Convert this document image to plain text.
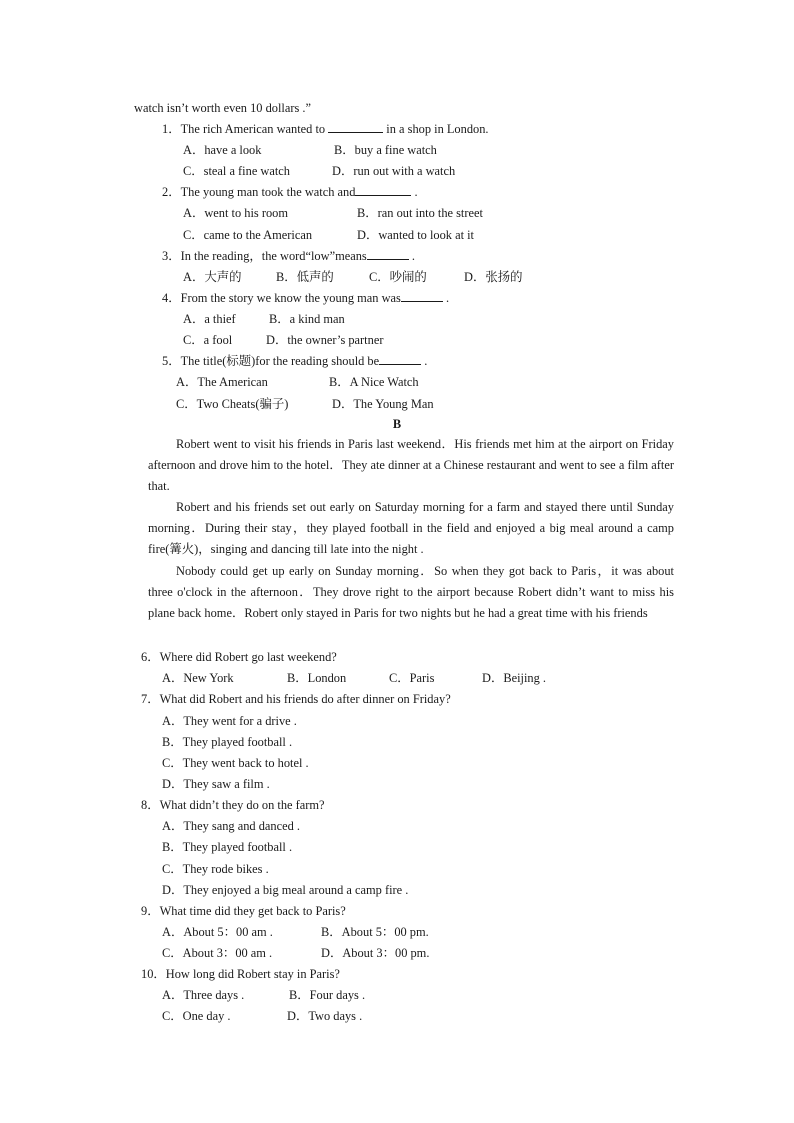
watch isn’t worth even 10 dollars .”
1．The rich American wanted to	in a shop in London.
A．have a look	B．buy a fine watch
C．steal a fine watch	D．run out with a watch
2．The young man took the watch and	.
A．went to his room	B．ran out into the street
C．came to the American	D．wanted to look at it
3．In the reading，the word“low”means	.
A．大声的	B．低声的	C．吵闹的	D．张扬的
4．From the story we know the young man was	.
A．a thief	B．a kind man
C．a fool	D．the owner’s partner
5．The title(标题)for the reading should be	.
A．The American	B．A Nice Watch
C．Two Cheats(骗子)	D．The Young Man
B
Robert went to visit his friends in Paris last weekend．His friends met him at the airport on Friday afternoon and drove him to the hotel．They ate dinner at a Chinese restaurant and went to see a film after that.
Robert and his friends set out early on Saturday morning for a farm and stayed there until Sunday morning．During their stay，they played football in the field and enjoyed a big meal around a camp fire(篝火)，singing and dancing till late into the night .
Nobody could get up early on Sunday morning．So when they got back to Paris，it was about three o'clock in the afternoon．They drove right to the airport because Robert didn’t want to miss his plane back home．Robert only stayed in Paris for two nights but he had a great time with his friends
6．Where did Robert go last weekend?
A．New York	B．London	C．Paris	D．Beijing .
7．What did Robert and his friends do after dinner on Friday?
A．They went for a drive .
B．They played football .
C．They went back to hotel .
D．They saw a film .
8．What didn’t they do on the farm?
A．They sang and danced .
B．They played football .
C．They rode bikes .
D．They enjoyed a big meal around a camp fire .
9．What time did they get back to Paris?
A．About 5：00 am .	B．About 5：00 pm.
C．About 3：00 am .	D．About 3：00 pm.
10．How long did Robert stay in Paris?
A．Three days .	B．Four days .
C．One day .	D．Two days .
